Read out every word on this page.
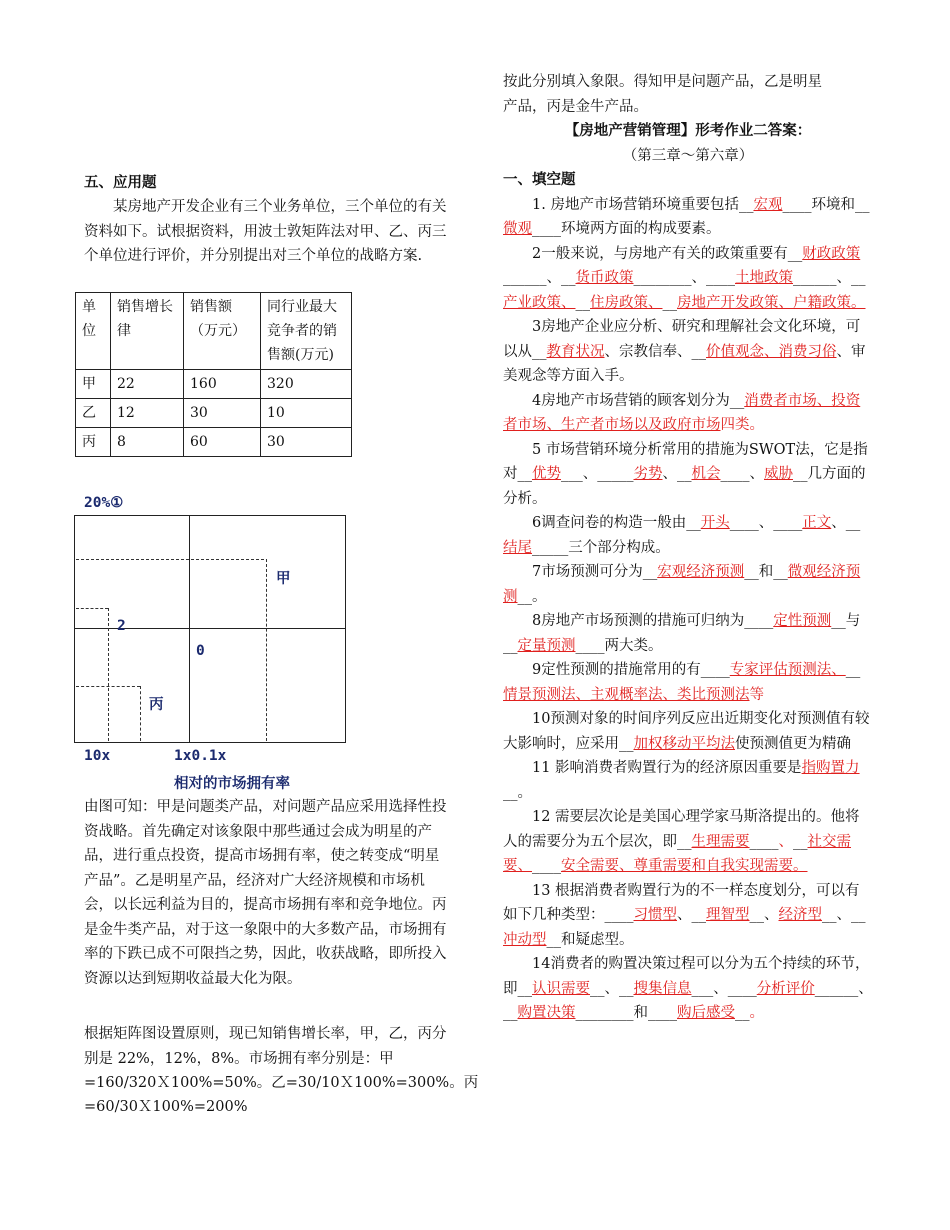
五、应用题

某房地产开发企业有三个业务单位，三个单位的有关资料如下。试根据资料，用波士敦矩阵法对甲、乙、丙三个单位进行评价，并分别提出对三个单位的战略方案.

单位	销售增长律	销售额（万元）	同行业最大竞争者的销售额(万元)
甲	22	160	320
乙	12	30	10
丙	8	60	30
20%①
甲
2
0
丙
10x	1x0.1x
相对的市场拥有率

由图可知：甲是问题类产品，对问题产品应采用选择性投资战略。首先确定对该象限中那些通过会成为明星的产品，进行重点投资，提高市场拥有率，使之转变成“明星产品”。乙是明星产品，经济对广大经济规模和市场机会，以长远利益为目的，提高市场拥有率和竞争地位。丙是金牛类产品，对于这一象限中的大多数产品，市场拥有率的下跌已成不可限挡之势，因此，收获战略，即所投入资源以达到短期收益最大化为限。

根据矩阵图设置原则，现已知销售增长率，甲，乙，丙分别是 22%，12%，8%。市场拥有率分别是：甲

=160/320Ｘ100%=50%。乙=30/10Ｘ100%=300%。丙

=60/30Ｘ100%=200%

按此分别填入象限。得知甲是问题产品，乙是明星

产品，丙是金牛产品。

【房地产营销管理】形考作业二答案：

（第三章～第六章）

一、填空题

1. 房地产市场营销环境重要包括__宏观____环境和__微观____环境两方面的构成要素。

2一般来说，与房地产有关的政策重要有__财政政策______、__货币政策________、____土地政策______、__产业政策、__住房政策、__房地产开发政策、户籍政策。

3房地产企业应分析、研究和理解社会文化环境，可以从__教育状况、宗教信奉、__价值观念、消费习俗、审美观念等方面入手。

4房地产市场营销的顾客划分为__消费者市场、投资者市场、生产者市场以及政府市场四类。

5 市场营销环境分析常用的措施为SWOT法，它是指对__优势___、_____劣势、__机会____、威胁__几方面的分析。

6调查问卷的构造一般由__开头____、____正文、__结尾_____三个部分构成。

7市场预测可分为__宏观经济预测__和__微观经济预测__。

8房地产市场预测的措施可归纳为____定性预测__与__定量预测____两大类。

9定性预测的措施常用的有____专家评估预测法、__情景预测法、主观概率法、类比预测法等

10预测对象的时间序列反应出近期变化对预测值有较大影响时，应采用__加权移动平均法使预测值更为精确

11 影响消费者购置行为的经济原因重要是指购置力__。

12 需要层次论是美国心理学家马斯洛提出的。他将人的需要分为五个层次，即__生理需要____、__社交需要、____安全需要、尊重需要和自我实现需要。

13 根据消费者购置行为的不一样态度划分，可以有如下几种类型：____习惯型、__理智型__、经济型__、__冲动型__和疑虑型。

14消费者的购置决策过程可以分为五个持续的环节，即__认识需要__、__搜集信息___、____分析评价______、__购置决策________和____购后感受__。
